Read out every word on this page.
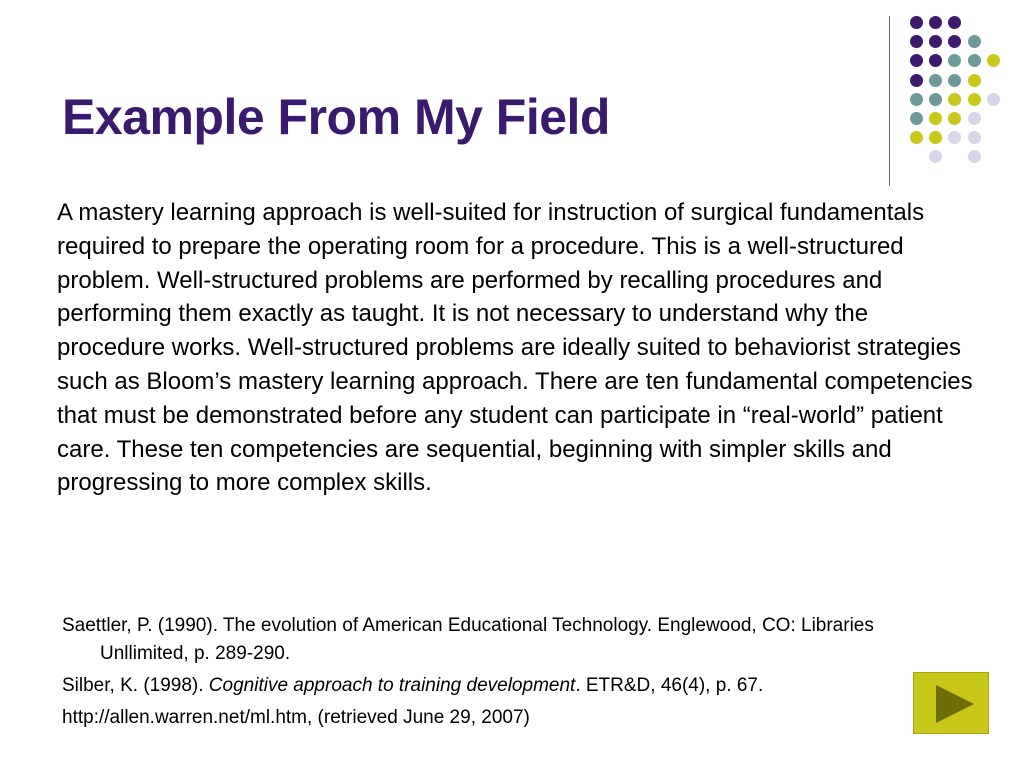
Example From My Field

A mastery learning approach is well-suited for instruction of surgical fundamentals required to prepare the operating room for a procedure. This is a well-structured problem. Well-structured problems are performed by recalling procedures and performing them exactly as taught. It is not necessary to understand why the procedure works. Well-structured problems are ideally suited to behaviorist strategies such as Bloom’s mastery learning approach. There are ten fundamental competencies that must be demonstrated before any student can participate in “real-world” patient care. These ten competencies are sequential, beginning with simpler skills and progressing to more complex skills.

Saettler, P. (1990). The evolution of American Educational Technology. Englewood, CO: Libraries Unllimited, p. 289-290.

Silber, K. (1998). Cognitive approach to training development. ETR&D, 46(4), p. 67.

http://allen.warren.net/ml.htm, (retrieved June 29, 2007)
